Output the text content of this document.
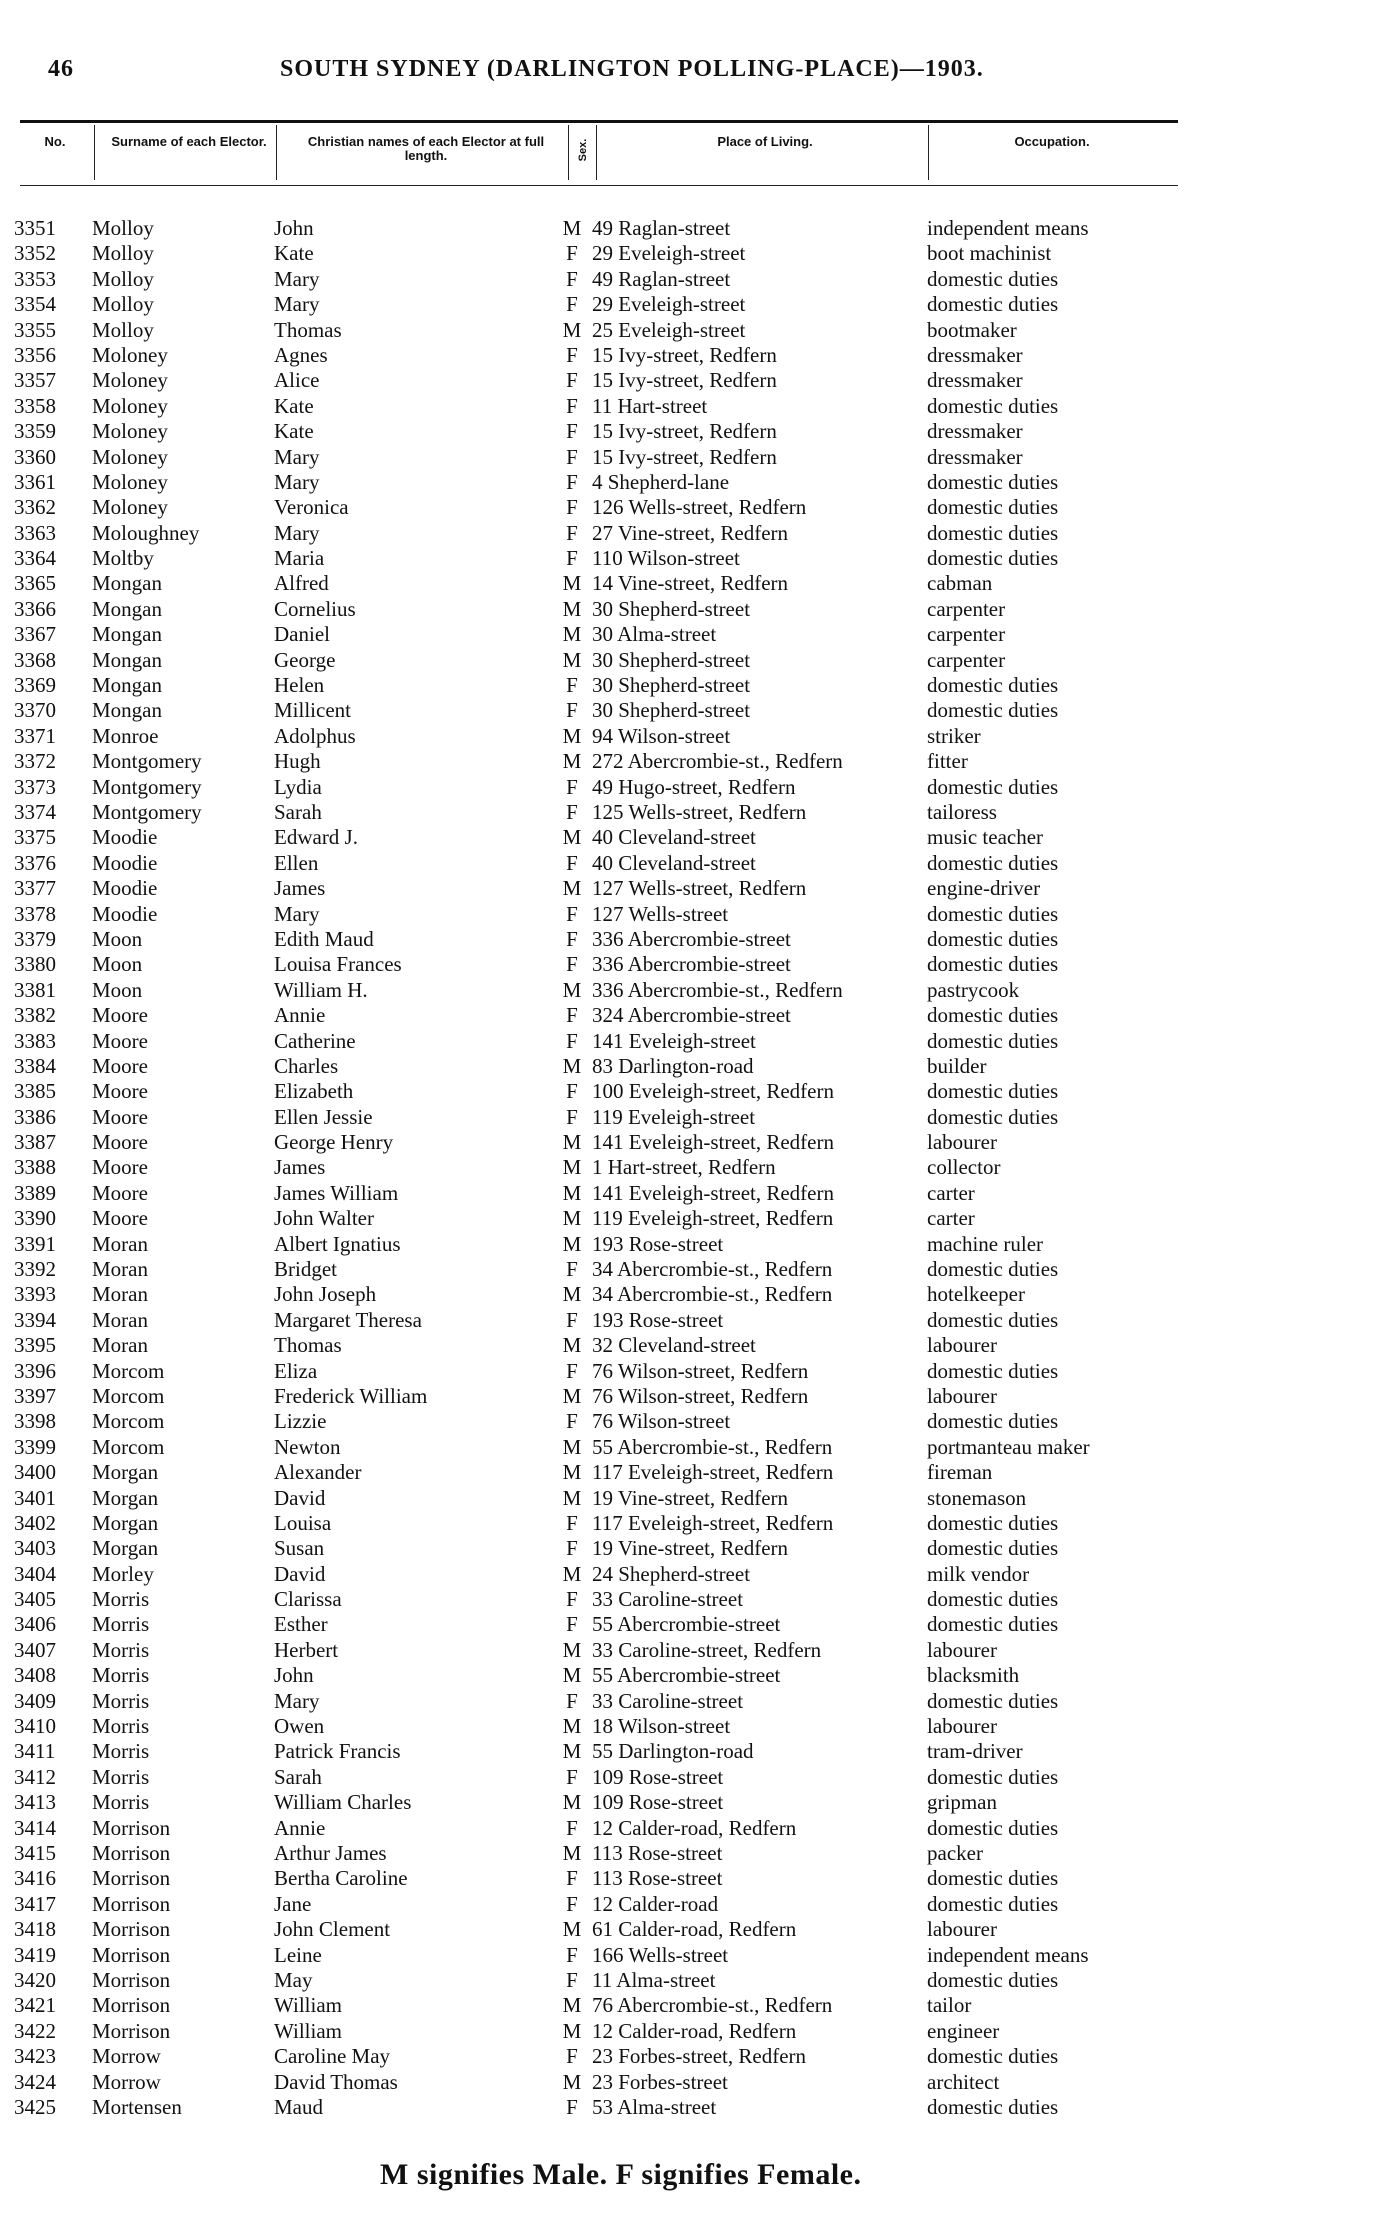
46	SOUTH SYDNEY (DARLINGTON POLLING-PLACE)—1903.
No.	Surname of each Elector.	Christian names of each Elector at full length.	Sex.	Place of Living.	Occupation.
3351 Molloy	John	M 49 Raglan-street	independent means
3352 Molloy	Kate	F 29 Eveleigh-street	boot machinist
3353 Molloy	Mary	F 49 Raglan-street	domestic duties
3354 Molloy	Mary	F 29 Eveleigh-street	domestic duties
3355 Molloy	Thomas	M 25 Eveleigh-street	bootmaker
3356 Moloney	Agnes	F 15 Ivy-street, Redfern	dressmaker
3357 Moloney	Alice	F 15 Ivy-street, Redfern	dressmaker
3358 Moloney	Kate	F 11 Hart-street	domestic duties
3359 Moloney	Kate	F 15 Ivy-street, Redfern	dressmaker
3360 Moloney	Mary	F 15 Ivy-street, Redfern	dressmaker
3361 Moloney	Mary	F 4 Shepherd-lane	domestic duties
3362 Moloney	Veronica	F 126 Wells-street, Redfern	domestic duties
3363 Moloughney	Mary	F 27 Vine-street, Redfern	domestic duties
3364 Moltby	Maria	F 110 Wilson-street	domestic duties
3365 Mongan	Alfred	M 14 Vine-street, Redfern	cabman
3366 Mongan	Cornelius	M 30 Shepherd-street	carpenter
3367 Mongan	Daniel	M 30 Alma-street	carpenter
3368 Mongan	George	M 30 Shepherd-street	carpenter
3369 Mongan	Helen	F 30 Shepherd-street	domestic duties
3370 Mongan	Millicent	F 30 Shepherd-street	domestic duties
3371 Monroe	Adolphus	M 94 Wilson-street	striker
3372 Montgomery	Hugh	M 272 Abercrombie-st., Redfern	fitter
3373 Montgomery	Lydia	F 49 Hugo-street, Redfern	domestic duties
3374 Montgomery	Sarah	F 125 Wells-street, Redfern	tailoress
3375 Moodie	Edward J.	M 40 Cleveland-street	music teacher
3376 Moodie	Ellen	F 40 Cleveland-street	domestic duties
3377 Moodie	James	M 127 Wells-street, Redfern	engine-driver
3378 Moodie	Mary	F 127 Wells-street	domestic duties
3379 Moon	Edith Maud	F 336 Abercrombie-street	domestic duties
3380 Moon	Louisa Frances	F 336 Abercrombie-street	domestic duties
3381 Moon	William H.	M 336 Abercrombie-st., Redfern	pastrycook
3382 Moore	Annie	F 324 Abercrombie-street	domestic duties
3383 Moore	Catherine	F 141 Eveleigh-street	domestic duties
3384 Moore	Charles	M 83 Darlington-road	builder
3385 Moore	Elizabeth	F 100 Eveleigh-street, Redfern	domestic duties
3386 Moore	Ellen Jessie	F 119 Eveleigh-street	domestic duties
3387 Moore	George Henry	M 141 Eveleigh-street, Redfern	labourer
3388 Moore	James	M 1 Hart-street, Redfern	collector
3389 Moore	James William	M 141 Eveleigh-street, Redfern	carter
3390 Moore	John Walter	M 119 Eveleigh-street, Redfern	carter
3391 Moran	Albert Ignatius	M 193 Rose-street	machine ruler
3392 Moran	Bridget	F 34 Abercrombie-st., Redfern	domestic duties
3393 Moran	John Joseph	M 34 Abercrombie-st., Redfern	hotelkeeper
3394 Moran	Margaret Theresa	F 193 Rose-street	domestic duties
3395 Moran	Thomas	M 32 Cleveland-street	labourer
3396 Morcom	Eliza	F 76 Wilson-street, Redfern	domestic duties
3397 Morcom	Frederick William	M 76 Wilson-street, Redfern	labourer
3398 Morcom	Lizzie	F 76 Wilson-street	domestic duties
3399 Morcom	Newton	M 55 Abercrombie-st., Redfern	portmanteau maker
3400 Morgan	Alexander	M 117 Eveleigh-street, Redfern	fireman
3401 Morgan	David	M 19 Vine-street, Redfern	stonemason
3402 Morgan	Louisa	F 117 Eveleigh-street, Redfern	domestic duties
3403 Morgan	Susan	F 19 Vine-street, Redfern	domestic duties
3404 Morley	David	M 24 Shepherd-street	milk vendor
3405 Morris	Clarissa	F 33 Caroline-street	domestic duties
3406 Morris	Esther	F 55 Abercrombie-street	domestic duties
3407 Morris	Herbert	M 33 Caroline-street, Redfern	labourer
3408 Morris	John	M 55 Abercrombie-street	blacksmith
3409 Morris	Mary	F 33 Caroline-street	domestic duties
3410 Morris	Owen	M 18 Wilson-street	labourer
3411 Morris	Patrick Francis	M 55 Darlington-road	tram-driver
3412 Morris	Sarah	F 109 Rose-street	domestic duties
3413 Morris	William Charles	M 109 Rose-street	gripman
3414 Morrison	Annie	F 12 Calder-road, Redfern	domestic duties
3415 Morrison	Arthur James	M 113 Rose-street	packer
3416 Morrison	Bertha Caroline	F 113 Rose-street	domestic duties
3417 Morrison	Jane	F 12 Calder-road	domestic duties
3418 Morrison	John Clement	M 61 Calder-road, Redfern	labourer
3419 Morrison	Leine	F 166 Wells-street	independent means
3420 Morrison	May	F 11 Alma-street	domestic duties
3421 Morrison	William	M 76 Abercrombie-st., Redfern	tailor
3422 Morrison	William	M 12 Calder-road, Redfern	engineer
3423 Morrow	Caroline May	F 23 Forbes-street, Redfern	domestic duties
3424 Morrow	David Thomas	M 23 Forbes-street	architect
3425 Mortensen	Maud	F 53 Alma-street	domestic duties
M signifies Male. F signifies Female.
